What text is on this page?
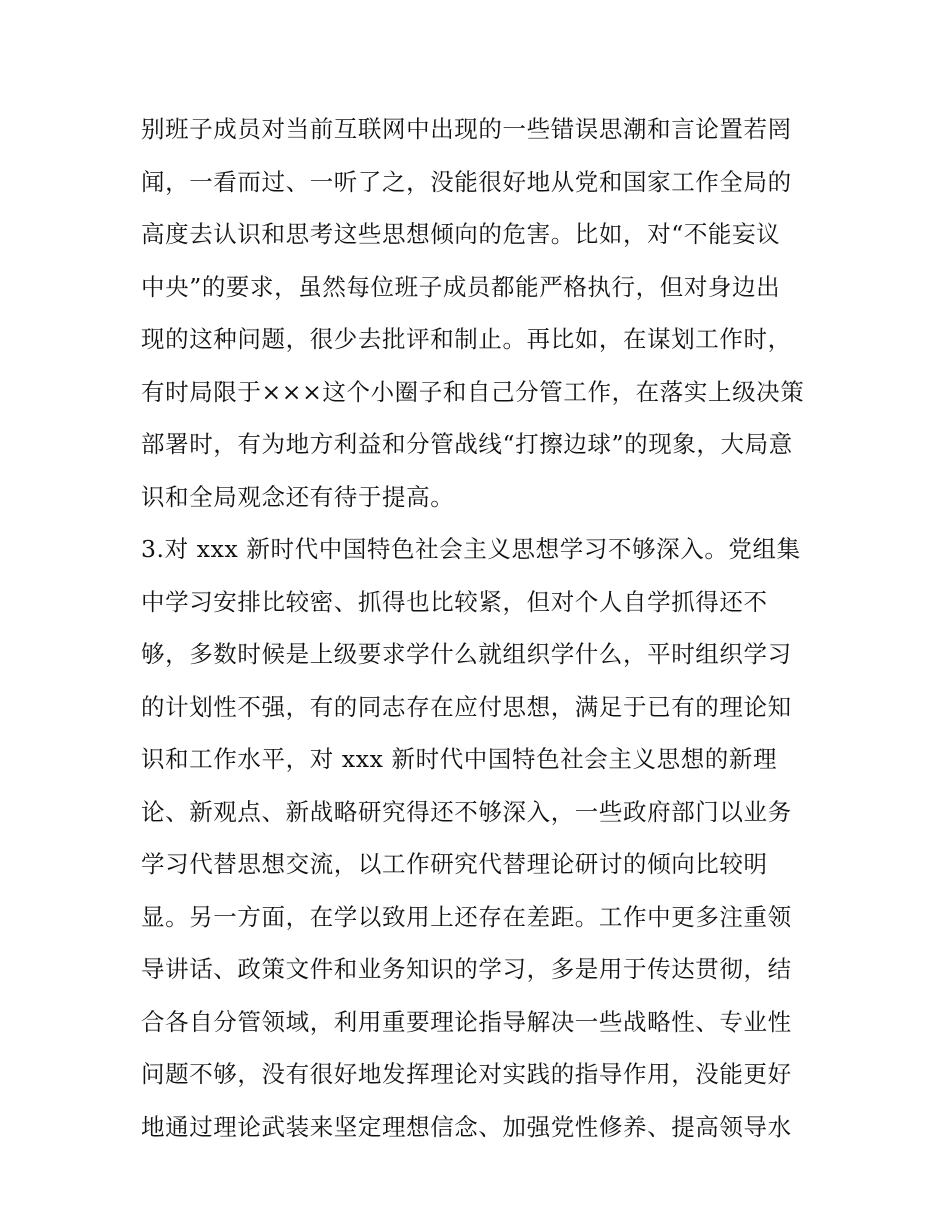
别班子成员对当前互联网中出现的一些错误思潮和言论置若罔
闻，一看而过、一听了之，没能很好地从党和国家工作全局的
高度去认识和思考这些思想倾向的危害。比如，对“不能妄议
中央”的要求，虽然每位班子成员都能严格执行，但对身边出
现的这种问题，很少去批评和制止。再比如，在谋划工作时，
有时局限于×××这个小圈子和自己分管工作，在落实上级决策
部署时，有为地方利益和分管战线“打擦边球”的现象，大局意
识和全局观念还有待于提高。
3.对 xxx 新时代中国特色社会主义思想学习不够深入。党组集
中学习安排比较密、抓得也比较紧，但对个人自学抓得还不
够，多数时候是上级要求学什么就组织学什么，平时组织学习
的计划性不强，有的同志存在应付思想，满足于已有的理论知
识和工作水平，对 xxx 新时代中国特色社会主义思想的新理
论、新观点、新战略研究得还不够深入，一些政府部门以业务
学习代替思想交流，以工作研究代替理论研讨的倾向比较明
显。另一方面，在学以致用上还存在差距。工作中更多注重领
导讲话、政策文件和业务知识的学习，多是用于传达贯彻，结
合各自分管领域，利用重要理论指导解决一些战略性、专业性
问题不够，没有很好地发挥理论对实践的指导作用，没能更好
地通过理论武装来坚定理想信念、加强党性修养、提高领导水
